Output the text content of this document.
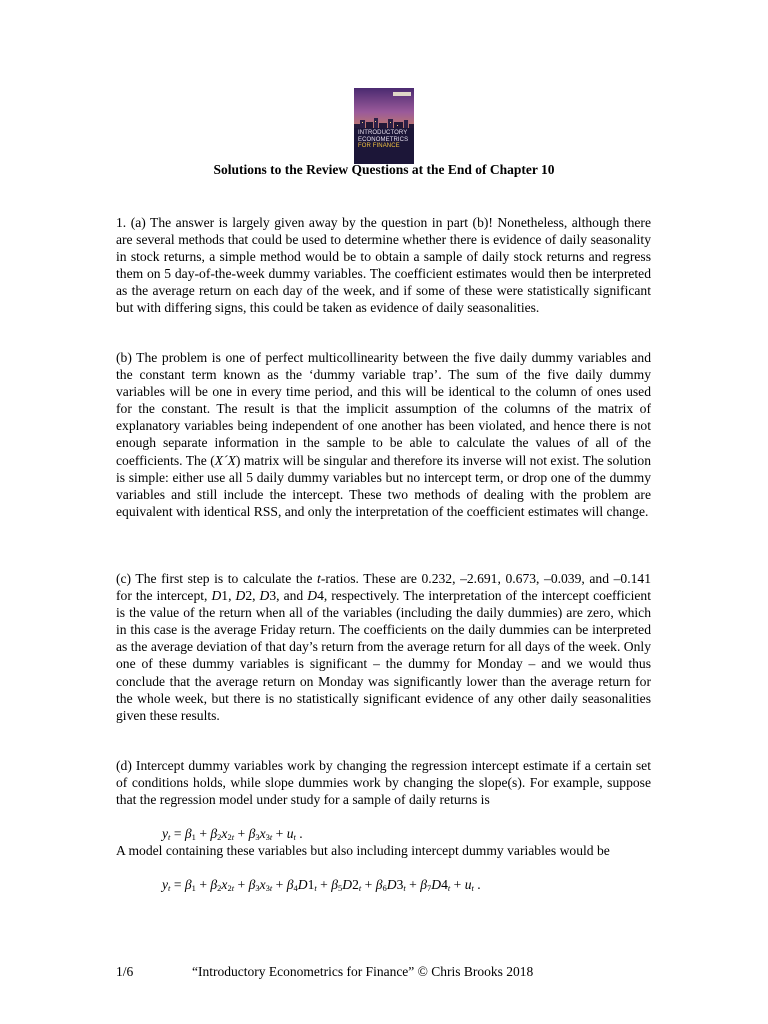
INTRODUCTORY
ECONOMETRICS
FOR FINANCE
Solutions to the Review Questions at the End of Chapter 10

1. (a) The answer is largely given away by the question in part (b)! Nonetheless, although there are several methods that could be used to determine whether there is evidence of daily seasonality in stock returns, a simple method would be to obtain a sample of daily stock returns and regress them on 5 day-of-the-week dummy variables. The coefficient estimates would then be interpreted as the average return on each day of the week, and if some of these were statistically significant but with differing signs, this could be taken as evidence of daily seasonalities.

(b) The problem is one of perfect multicollinearity between the five daily dummy variables and the constant term known as the ‘dummy variable trap’. The sum of the five daily dummy variables will be one in every time period, and this will be identical to the column of ones used for the constant. The result is that the implicit assumption of the columns of the matrix of explanatory variables being independent of one another has been violated, and hence there is not enough separate information in the sample to be able to calculate the values of all of the coefficients. The (X´X) matrix will be singular and therefore its inverse will not exist. The solution is simple: either use all 5 daily dummy variables but no intercept term, or drop one of the dummy variables and still include the intercept. These two methods of dealing with the problem are equivalent with identical RSS, and only the interpretation of the coefficient estimates will change.

(c) The first step is to calculate the t-ratios. These are 0.232, –2.691, 0.673, –0.039, and –0.141 for the intercept, D1, D2, D3, and D4, respectively. The interpretation of the intercept coefficient is the value of the return when all of the variables (including the daily dummies) are zero, which in this case is the average Friday return. The coefficients on the daily dummies can be interpreted as the average deviation of that day’s return from the average return for all days of the week. Only one of these dummy variables is significant – the dummy for Monday – and we would thus conclude that the average return on Monday was significantly lower than the average return for the whole week, but there is no statistically significant evidence of any other daily seasonalities given these results.

(d) Intercept dummy variables work by changing the regression intercept estimate if a certain set of conditions holds, while slope dummies work by changing the slope(s). For example, suppose that the regression model under study for a sample of daily returns is

$y_t = \beta_1 + \beta_2x_{2t} + \beta_3x_{3t} + u_t$ .

A model containing these variables but also including intercept dummy variables would be

$y_t = \beta_1 + \beta_2x_{2t} + \beta_3x_{3t} + \beta_4D1_t + \beta_5D2_t + \beta_6D3_t + \beta_7D4_t + u_t$ .
1/6	“Introductory Econometrics for Finance” © Chris Brooks 2018
